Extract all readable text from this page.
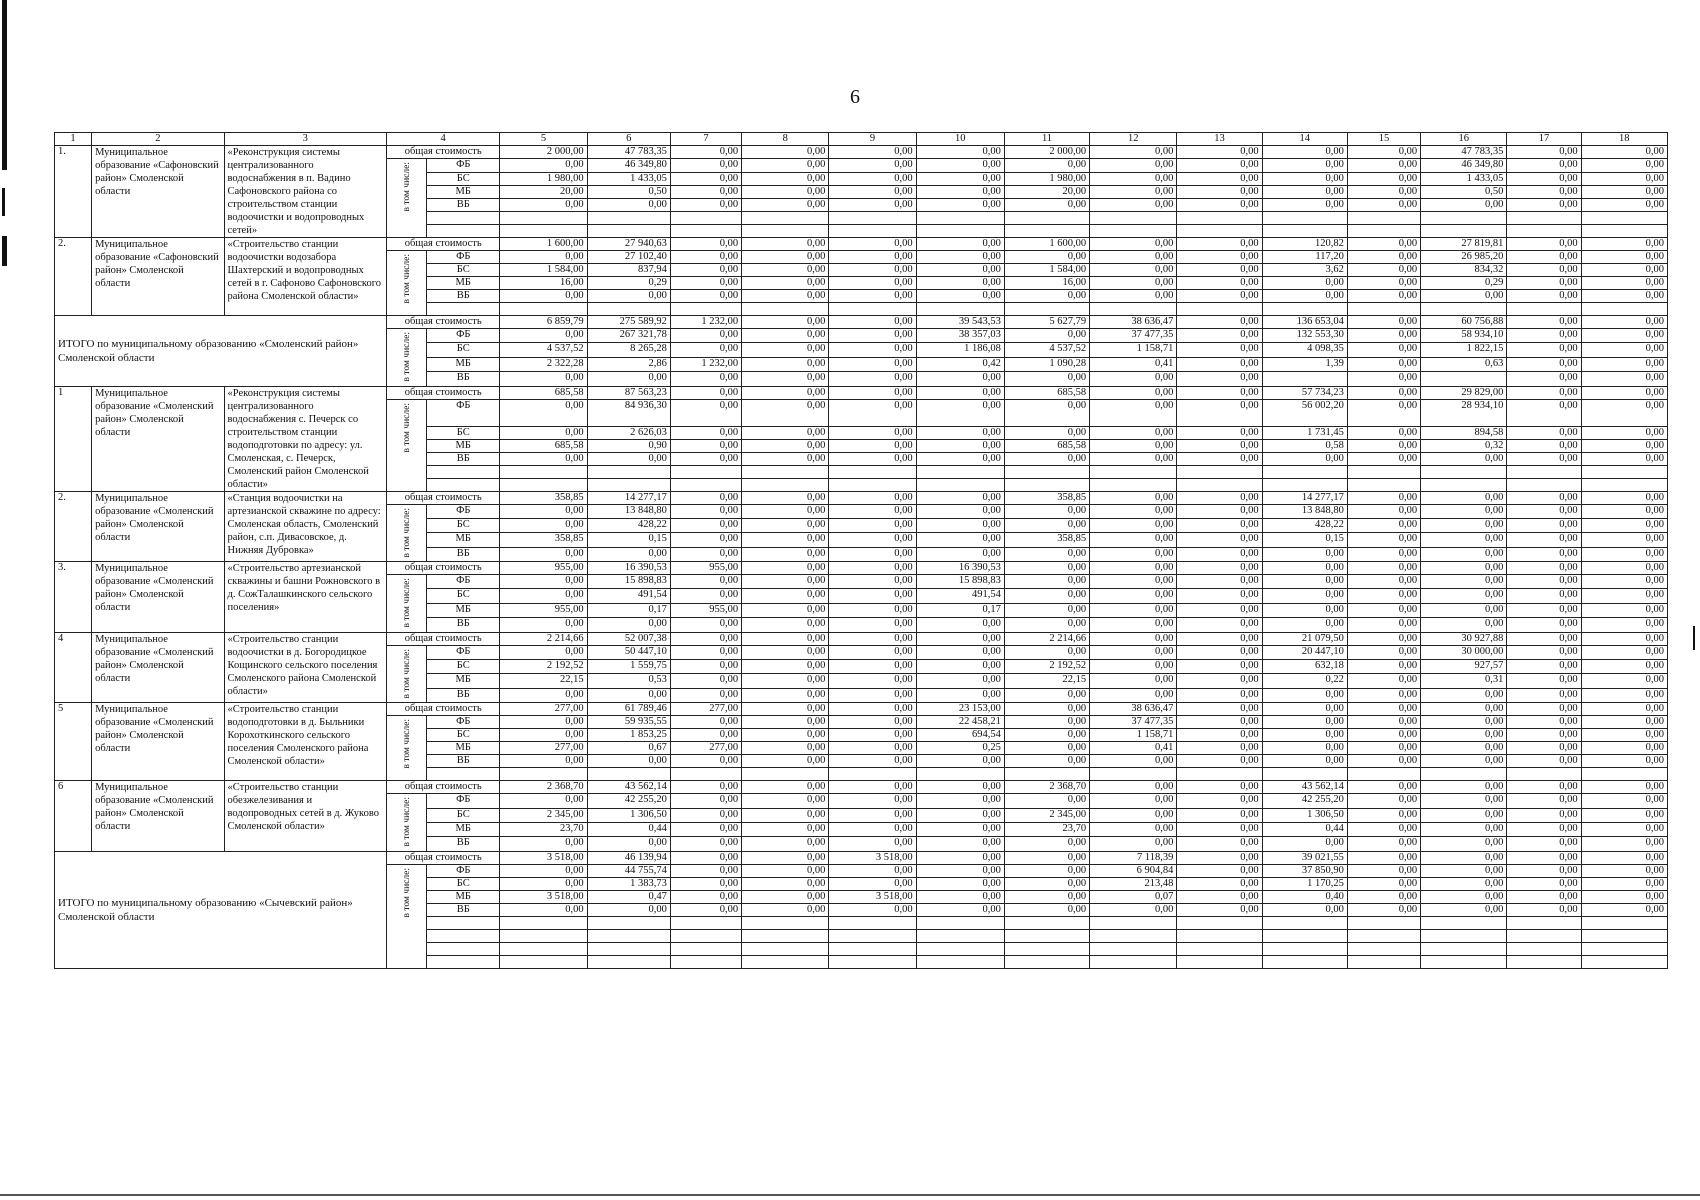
6
1	2	3	4		5	6	7	8	9	10	11	12	13	14	15	16	17	18
1.	Муниципальное образование «Сафоновский район» Смоленской области	«Реконструкция системы централизованного водоснабжения в п. Вадино Сафоновского района со строительством станции водоочистки и водопроводных сетей»	общая стоимость		2 000,00	47 783,35	0,00	0,00	0,00	0,00	2 000,00	0,00	0,00	0,00	0,00	47 783,35	0,00	0,00
			в том числе:	ФБ	0,00	46 349,80	0,00	0,00	0,00	0,00	0,00	0,00	0,00	0,00	0,00	46 349,80	0,00	0,00
				БС	1 980,00	1 433,05	0,00	0,00	0,00	0,00	1 980,00	0,00	0,00	0,00	0,00	1 433,05	0,00	0,00
				МБ	20,00	0,50	0,00	0,00	0,00	0,00	20,00	0,00	0,00	0,00	0,00	0,50	0,00	0,00
				ВБ	0,00	0,00	0,00	0,00	0,00	0,00	0,00	0,00	0,00	0,00	0,00	0,00	0,00	0,00

2.	Муниципальное образование «Сафоновский район» Смоленской области	«Строительство станции водоочистки водозабора Шахтерский и водопроводных сетей в г. Сафоново Сафоновского района Смоленской области»	общая стоимость		1 600,00	27 940,63	0,00	0,00	0,00	0,00	1 600,00	0,00	0,00	120,82	0,00	27 819,81	0,00	0,00
			в том числе:	ФБ	0,00	27 102,40	0,00	0,00	0,00	0,00	0,00	0,00	0,00	117,20	0,00	26 985,20	0,00	0,00
				БС	1 584,00	837,94	0,00	0,00	0,00	0,00	1 584,00	0,00	0,00	3,62	0,00	834,32	0,00	0,00
				МБ	16,00	0,29	0,00	0,00	0,00	0,00	16,00	0,00	0,00	0,00	0,00	0,29	0,00	0,00
				ВБ	0,00	0,00	0,00	0,00	0,00	0,00	0,00	0,00	0,00	0,00	0,00	0,00	0,00	0,00

ИТОГО по муниципальному образованию «Смоленский район» Смоленской области			общая стоимость		6 859,79	275 589,92	1 232,00	0,00	0,00	39 543,53	5 627,79	38 636,47	0,00	136 653,04	0,00	60 756,88	0,00	0,00
			в том числе:	ФБ	0,00	267 321,78	0,00	0,00	0,00	38 357,03	0,00	37 477,35	0,00	132 553,30	0,00	58 934,10	0,00	0,00
				БС	4 537,52	8 265,28	0,00	0,00	0,00	1 186,08	4 537,52	1 158,71	0,00	4 098,35	0,00	1 822,15	0,00	0,00
				МБ	2 322,28	2,86	1 232,00	0,00	0,00	0,42	1 090,28	0,41	0,00	1,39	0,00	0,63	0,00	0,00
				ВБ	0,00	0,00	0,00	0,00	0,00	0,00	0,00	0,00	0,00		0,00		0,00	0,00
1	Муниципальное образование «Смоленский район» Смоленской области	«Реконструкция системы централизованного водоснабжения с. Печерск со строительством станции водоподготовки по адресу: ул. Смоленская, с. Печерск, Смоленский район Смоленской области»	общая стоимость		685,58	87 563,23	0,00	0,00	0,00	0,00	685,58	0,00	0,00	57 734,23	0,00	29 829,00	0,00	0,00
			в том числе:	ФБ	0,00	84 936,30	0,00	0,00	0,00	0,00	0,00	0,00	0,00	56 002,20	0,00	28 934,10	0,00	0,00
				БС	0,00	2 626,03	0,00	0,00	0,00	0,00	0,00	0,00	0,00	1 731,45	0,00	894,58	0,00	0,00
				МБ	685,58	0,90	0,00	0,00	0,00	0,00	685,58	0,00	0,00	0,58	0,00	0,32	0,00	0,00
				ВБ	0,00	0,00	0,00	0,00	0,00	0,00	0,00	0,00	0,00	0,00	0,00	0,00	0,00	0,00

2.	Муниципальное образование «Смоленский район» Смоленской области	«Станция водоочистки на артезианской скважине по адресу: Смоленская область, Смоленский район, с.п. Дивасовское, д. Нижняя Дубровка»	общая стоимость		358,85	14 277,17	0,00	0,00	0,00	0,00	358,85	0,00	0,00	14 277,17	0,00	0,00	0,00	0,00
			в том числе:	ФБ	0,00	13 848,80	0,00	0,00	0,00	0,00	0,00	0,00	0,00	13 848,80	0,00	0,00	0,00	0,00
				БС	0,00	428,22	0,00	0,00	0,00	0,00	0,00	0,00	0,00	428,22	0,00	0,00	0,00	0,00
				МБ	358,85	0,15	0,00	0,00	0,00	0,00	358,85	0,00	0,00	0,15	0,00	0,00	0,00	0,00
				ВБ	0,00	0,00	0,00	0,00	0,00	0,00	0,00	0,00	0,00	0,00	0,00	0,00	0,00	0,00
3.	Муниципальное образование «Смоленский район» Смоленской области	«Строительство артезианской скважины и башни Рожновского в д. СожТалашкинского сельского поселения»	общая стоимость		955,00	16 390,53	955,00	0,00	0,00	16 390,53	0,00	0,00	0,00	0,00	0,00	0,00	0,00	0,00
			в том числе:	ФБ	0,00	15 898,83	0,00	0,00	0,00	15 898,83	0,00	0,00	0,00	0,00	0,00	0,00	0,00	0,00
				БС	0,00	491,54	0,00	0,00	0,00	491,54	0,00	0,00	0,00	0,00	0,00	0,00	0,00	0,00
				МБ	955,00	0,17	955,00	0,00	0,00	0,17	0,00	0,00	0,00	0,00	0,00	0,00	0,00	0,00
				ВБ	0,00	0,00	0,00	0,00	0,00	0,00	0,00	0,00	0,00	0,00	0,00	0,00	0,00	0,00
4	Муниципальное образование «Смоленский район» Смоленской области	«Строительство станции водоочистки в д. Богородицкое Кощинского сельского поселения Смоленского района Смоленской области»	общая стоимость		2 214,66	52 007,38	0,00	0,00	0,00	0,00	2 214,66	0,00	0,00	21 079,50	0,00	30 927,88	0,00	0,00
			в том числе:	ФБ	0,00	50 447,10	0,00	0,00	0,00	0,00	0,00	0,00	0,00	20 447,10	0,00	30 000,00	0,00	0,00
				БС	2 192,52	1 559,75	0,00	0,00	0,00	0,00	2 192,52	0,00	0,00	632,18	0,00	927,57	0,00	0,00
				МБ	22,15	0,53	0,00	0,00	0,00	0,00	22,15	0,00	0,00	0,22	0,00	0,31	0,00	0,00
				ВБ	0,00	0,00	0,00	0,00	0,00	0,00	0,00	0,00	0,00	0,00	0,00	0,00	0,00	0,00
5	Муниципальное образование «Смоленский район» Смоленской области	«Строительство станции водоподготовки в д. Быльники Корохоткинского сельского поселения Смоленского района Смоленской области»	общая стоимость		277,00	61 789,46	277,00	0,00	0,00	23 153,00	0,00	38 636,47	0,00	0,00	0,00	0,00	0,00	0,00
			в том числе:	ФБ	0,00	59 935,55	0,00	0,00	0,00	22 458,21	0,00	37 477,35	0,00	0,00	0,00	0,00	0,00	0,00
				БС	0,00	1 853,25	0,00	0,00	0,00	694,54	0,00	1 158,71	0,00	0,00	0,00	0,00	0,00	0,00
				МБ	277,00	0,67	277,00	0,00	0,00	0,25	0,00	0,41	0,00	0,00	0,00	0,00	0,00	0,00
				ВБ	0,00	0,00	0,00	0,00	0,00	0,00	0,00	0,00	0,00	0,00	0,00	0,00	0,00	0,00

6	Муниципальное образование «Смоленский район» Смоленской области	«Строительство станции обезжелезивания и водопроводных сетей в д. Жуково Смоленской области»	общая стоимость		2 368,70	43 562,14	0,00	0,00	0,00	0,00	2 368,70	0,00	0,00	43 562,14	0,00	0,00	0,00	0,00
			в том числе:	ФБ	0,00	42 255,20	0,00	0,00	0,00	0,00	0,00	0,00	0,00	42 255,20	0,00	0,00	0,00	0,00
				БС	2 345,00	1 306,50	0,00	0,00	0,00	0,00	2 345,00	0,00	0,00	1 306,50	0,00	0,00	0,00	0,00
				МБ	23,70	0,44	0,00	0,00	0,00	0,00	23,70	0,00	0,00	0,44	0,00	0,00	0,00	0,00
				ВБ	0,00	0,00	0,00	0,00	0,00	0,00	0,00	0,00	0,00	0,00	0,00	0,00	0,00	0,00
ИТОГО по муниципальному образованию «Сычевский район» Смоленской области			общая стоимость		3 518,00	46 139,94	0,00	0,00	3 518,00	0,00	0,00	7 118,39	0,00	39 021,55	0,00	0,00	0,00	0,00
			в том числе:	ФБ	0,00	44 755,74	0,00	0,00	0,00	0,00	0,00	6 904,84	0,00	37 850,90	0,00	0,00	0,00	0,00
				БС	0,00	1 383,73	0,00	0,00	0,00	0,00	0,00	213,48	0,00	1 170,25	0,00	0,00	0,00	0,00
				МБ	3 518,00	0,47	0,00	0,00	3 518,00	0,00	0,00	0,07	0,00	0,40	0,00	0,00	0,00	0,00
				ВБ	0,00	0,00	0,00	0,00	0,00	0,00	0,00	0,00	0,00	0,00	0,00	0,00	0,00	0,00
